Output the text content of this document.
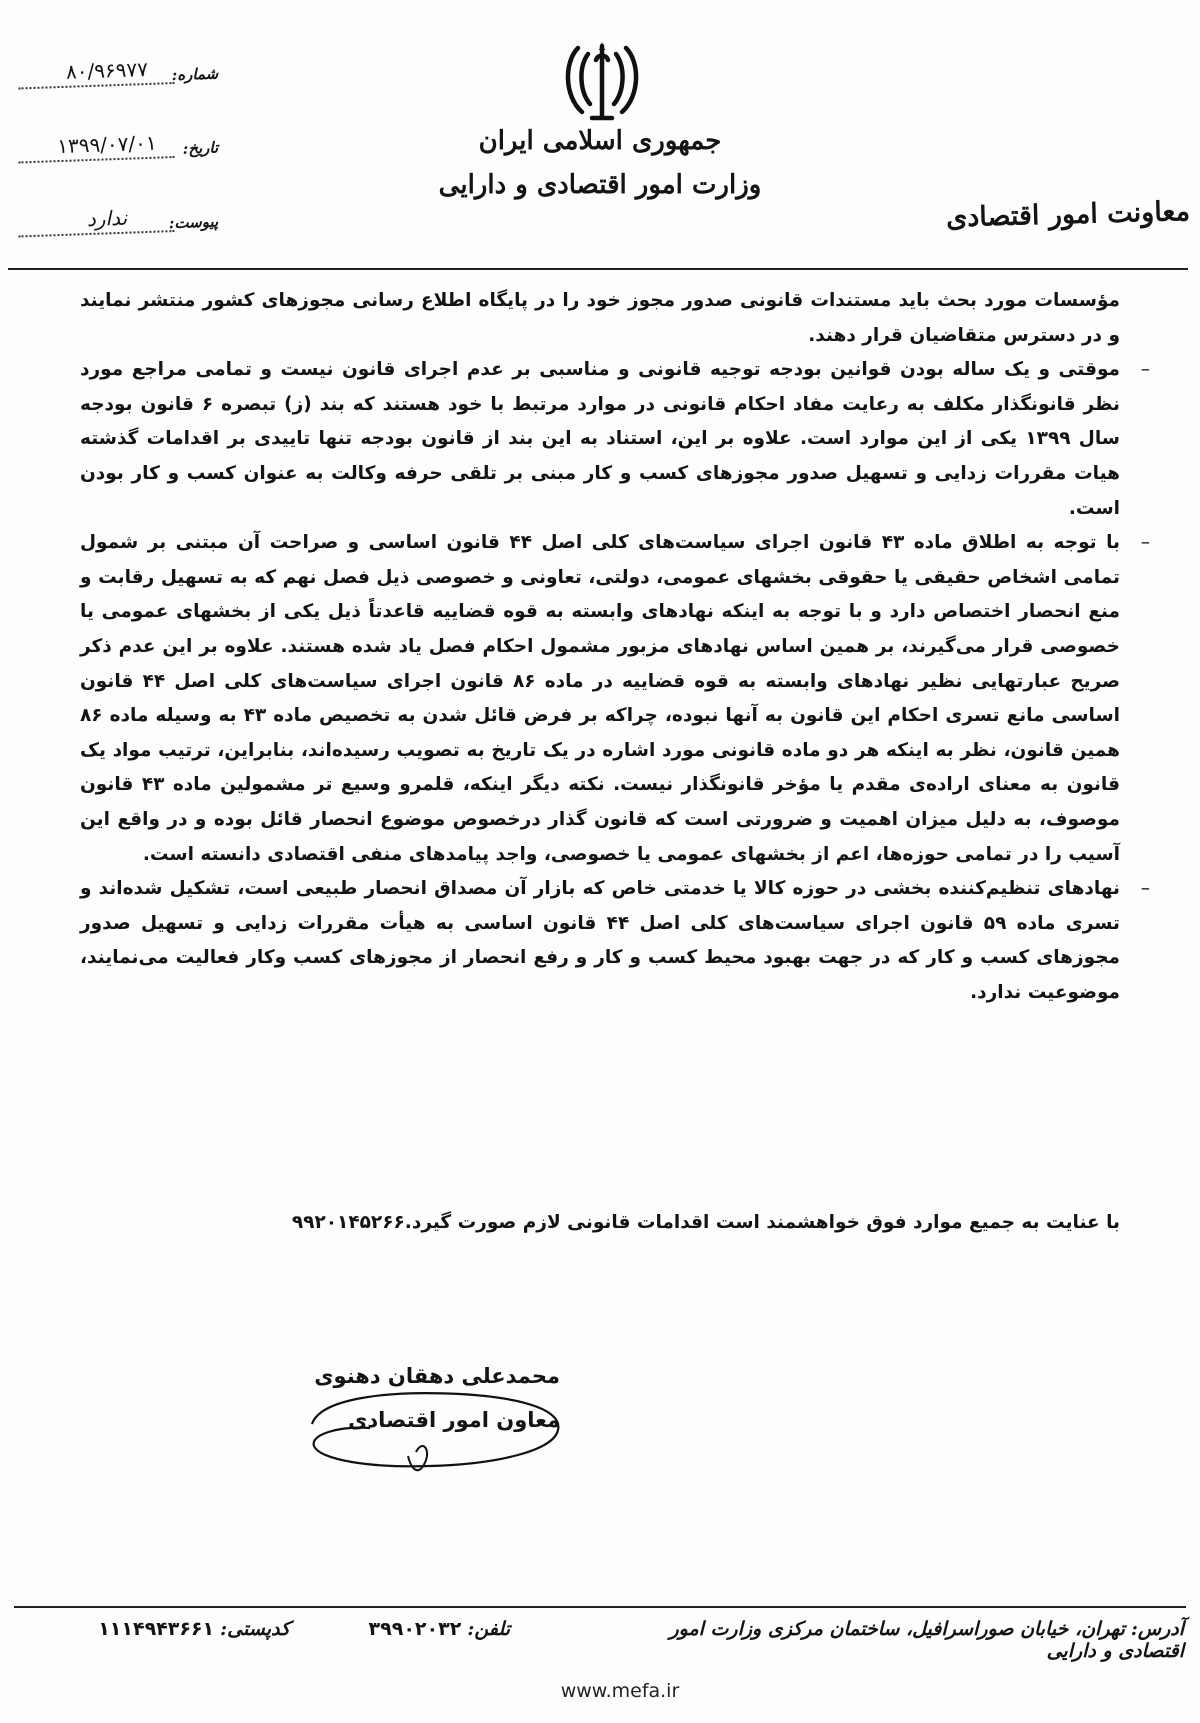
جمهوری اسلامی ایران
وزارت امور اقتصادی و دارایی
معاونت امور اقتصادی
۸۰/۹۶۹۷۷	شماره:
۱۳۹۹/۰۷/۰۱	تاریخ:
ندارد	پیوست:

مؤسسات مورد بحث باید مستندات قانونی صدور مجوز خود را در پایگاه اطلاع رسانی مجوزهای کشور منتشر نمایند و در دسترس متقاضیان قرار دهند.

– موقتی و یک ساله بودن قوانین بودجه توجیه قانونی و مناسبی بر عدم اجرای قانون نیست و تمامی مراجع مورد نظر قانونگذار مکلف به رعایت مفاد احکام قانونی در موارد مرتبط با خود هستند که بند (ز) تبصره ۶ قانون بودجه سال ۱۳۹۹ یکی از این موارد است. علاوه بر این، استناد به این بند از قانون بودجه تنها تاییدی بر اقدامات گذشته هیات مقررات زدایی و تسهیل صدور مجوزهای کسب و کار مبنی بر تلقی حرفه وکالت به عنوان کسب و کار بودن است.

– با توجه به اطلاق ماده ۴۳ قانون اجرای سیاست‌های کلی اصل ۴۴ قانون اساسی و صراحت آن مبتنی بر شمول تمامی اشخاص حقیقی یا حقوقی بخشهای عمومی، دولتی، تعاونی و خصوصی ذیل فصل نهم که به تسهیل رقابت و منع انحصار اختصاص دارد و با توجه به اینکه نهادهای وابسته به قوه قضاییه قاعدتاً ذیل یکی از بخشهای عمومی یا خصوصی قرار می‌گیرند، بر همین اساس نهادهای مزبور مشمول احکام فصل یاد شده هستند. علاوه بر این عدم ذکر صریح عبارتهایی نظیر نهادهای وابسته به قوه قضاییه در ماده ۸۶ قانون اجرای سیاست‌های کلی اصل ۴۴ قانون اساسی مانع تسری احکام این قانون به آنها نبوده، چراکه بر فرض قائل شدن به تخصیص ماده ۴۳ به وسیله ماده ۸۶ همین قانون، نظر به اینکه هر دو ماده قانونی مورد اشاره در یک تاریخ به تصویب رسیده‌اند، بنابراین، ترتیب مواد یک قانون به معنای اراده‌ی مقدم یا مؤخر قانونگذار نیست. نکته دیگر اینکه، قلمرو وسیع تر مشمولین ماده ۴۳ قانون موصوف، به دلیل میزان اهمیت و ضرورتی است که قانون گذار درخصوص موضوع انحصار قائل بوده و در واقع این آسیب را در تمامی حوزه‌ها، اعم از بخشهای عمومی یا خصوصی، واجد پیامدهای منفی اقتصادی دانسته است.

– نهادهای تنظیم‌کننده بخشی در حوزه کالا یا خدمتی خاص که بازار آن مصداق انحصار طبیعی است، تشکیل شده‌اند و تسری ماده ۵۹ قانون اجرای سیاست‌های کلی اصل ۴۴ قانون اساسی به هیأت مقررات زدایی و تسهیل صدور مجوزهای کسب و کار که در جهت بهبود محیط کسب و کار و رفع انحصار از مجوزهای کسب وکار فعالیت می‌نمایند، موضوعیت ندارد.

با عنایت به جمیع موارد فوق خواهشمند است اقدامات قانونی لازم صورت گیرد.۹۹۲۰۱۴۵۲۶۶
محمدعلی دهقان دهنوی
معاون امور اقتصادی
آدرس:تهران، خیابان صوراسرافیل، ساختمان مرکزی وزارت امور اقتصادی و دارایی
تلفن:۳۹۹۰۲۰۳۲
کدپستی:۱۱۱۴۹۴۳۶۶۱
www.mefa.ir
